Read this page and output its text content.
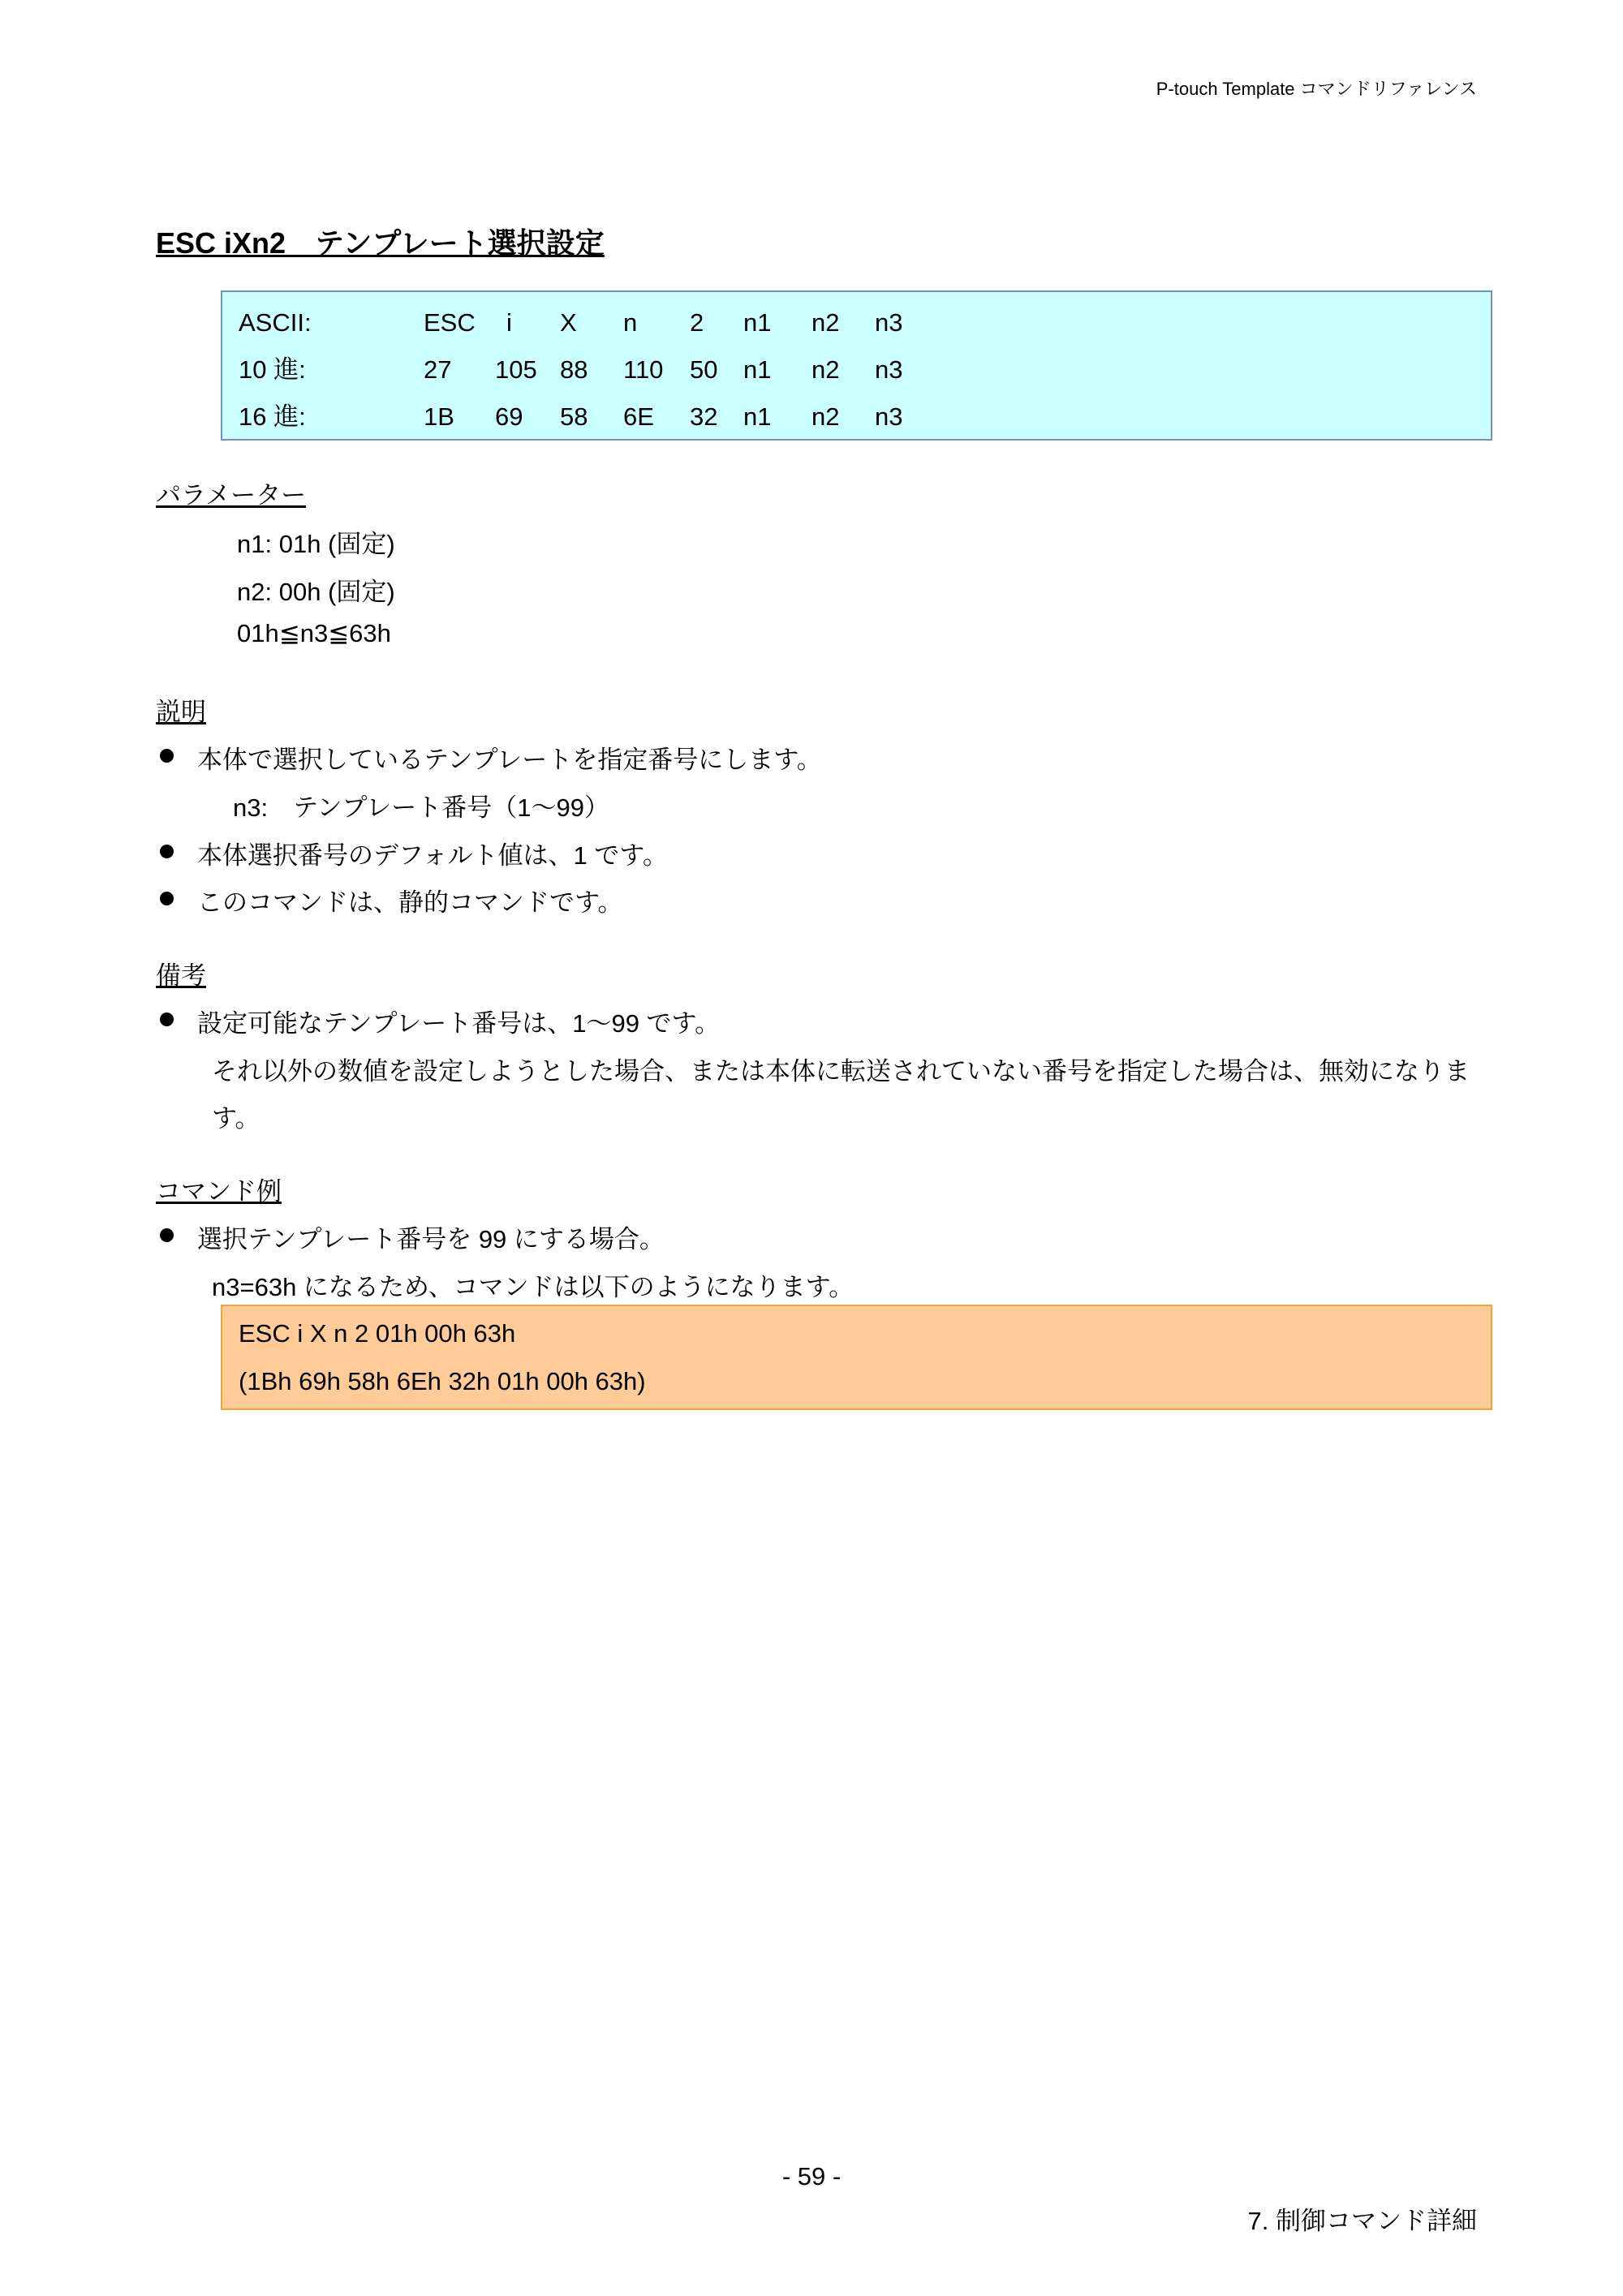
P-touch Template コマンドリファレンス
ESC iXn2　テンプレート選択設定
ASCII:	ESC i X n 2 n1 n2 n3
10 進:	27 105 88 110 50 n1 n2 n3
16 進:	1B 69 58 6E 32 n1 n2 n3
パラメーター
n1: 01h (固定)
n2: 00h (固定)
01h≦n3≦63h
説明
本体で選択しているテンプレートを指定番号にします。
n3:　テンプレート番号（1～99）
本体選択番号のデフォルト値は、1 です。
このコマンドは、静的コマンドです。
備考
設定可能なテンプレート番号は、1～99 です。
それ以外の数値を設定しようとした場合、または本体に転送されていない番号を指定した場合は、無効になりま
す。
コマンド例
選択テンプレート番号を 99 にする場合。
n3=63h になるため、コマンドは以下のようになります。
ESC i X n 2 01h 00h 63h
(1Bh 69h 58h 6Eh 32h 01h 00h 63h)
- 59 -
7. 制御コマンド詳細
